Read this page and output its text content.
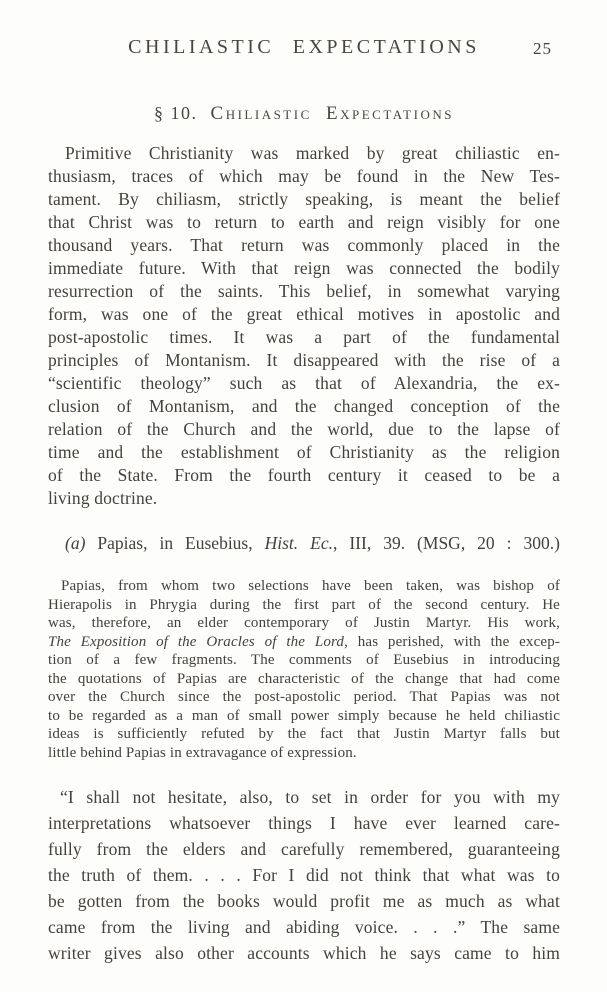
CHILIASTIC EXPECTATIONS	25
§ 10. Chiliastic Expectations
Primitive Christianity was marked by great chiliastic en-
thusiasm, traces of which may be found in the New Tes-
tament. By chiliasm, strictly speaking, is meant the belief
that Christ was to return to earth and reign visibly for one
thousand years. That return was commonly placed in the
immediate future. With that reign was connected the bodily
resurrection of the saints. This belief, in somewhat varying
form, was one of the great ethical motives in apostolic and
post-apostolic times. It was a part of the fundamental
principles of Montanism. It disappeared with the rise of a
“scientific theology” such as that of Alexandria, the ex-
clusion of Montanism, and the changed conception of the
relation of the Church and the world, due to the lapse of
time and the establishment of Christianity as the religion
of the State. From the fourth century it ceased to be a
living doctrine.
(a) Papias, in Eusebius, Hist. Ec., III, 39. (MSG, 20 : 300.)
Papias, from whom two selections have been taken, was bishop of
Hierapolis in Phrygia during the first part of the second century. He
was, therefore, an elder contemporary of Justin Martyr. His work,
The Exposition of the Oracles of the Lord, has perished, with the excep-
tion of a few fragments. The comments of Eusebius in introducing
the quotations of Papias are characteristic of the change that had come
over the Church since the post-apostolic period. That Papias was not
to be regarded as a man of small power simply because he held chiliastic
ideas is sufficiently refuted by the fact that Justin Martyr falls but
little behind Papias in extravagance of expression.
“I shall not hesitate, also, to set in order for you with my
interpretations whatsoever things I have ever learned care-
fully from the elders and carefully remembered, guaranteeing
the truth of them. . . . For I did not think that what was to
be gotten from the books would profit me as much as what
came from the living and abiding voice. . . .” The same
writer gives also other accounts which he says came to him
